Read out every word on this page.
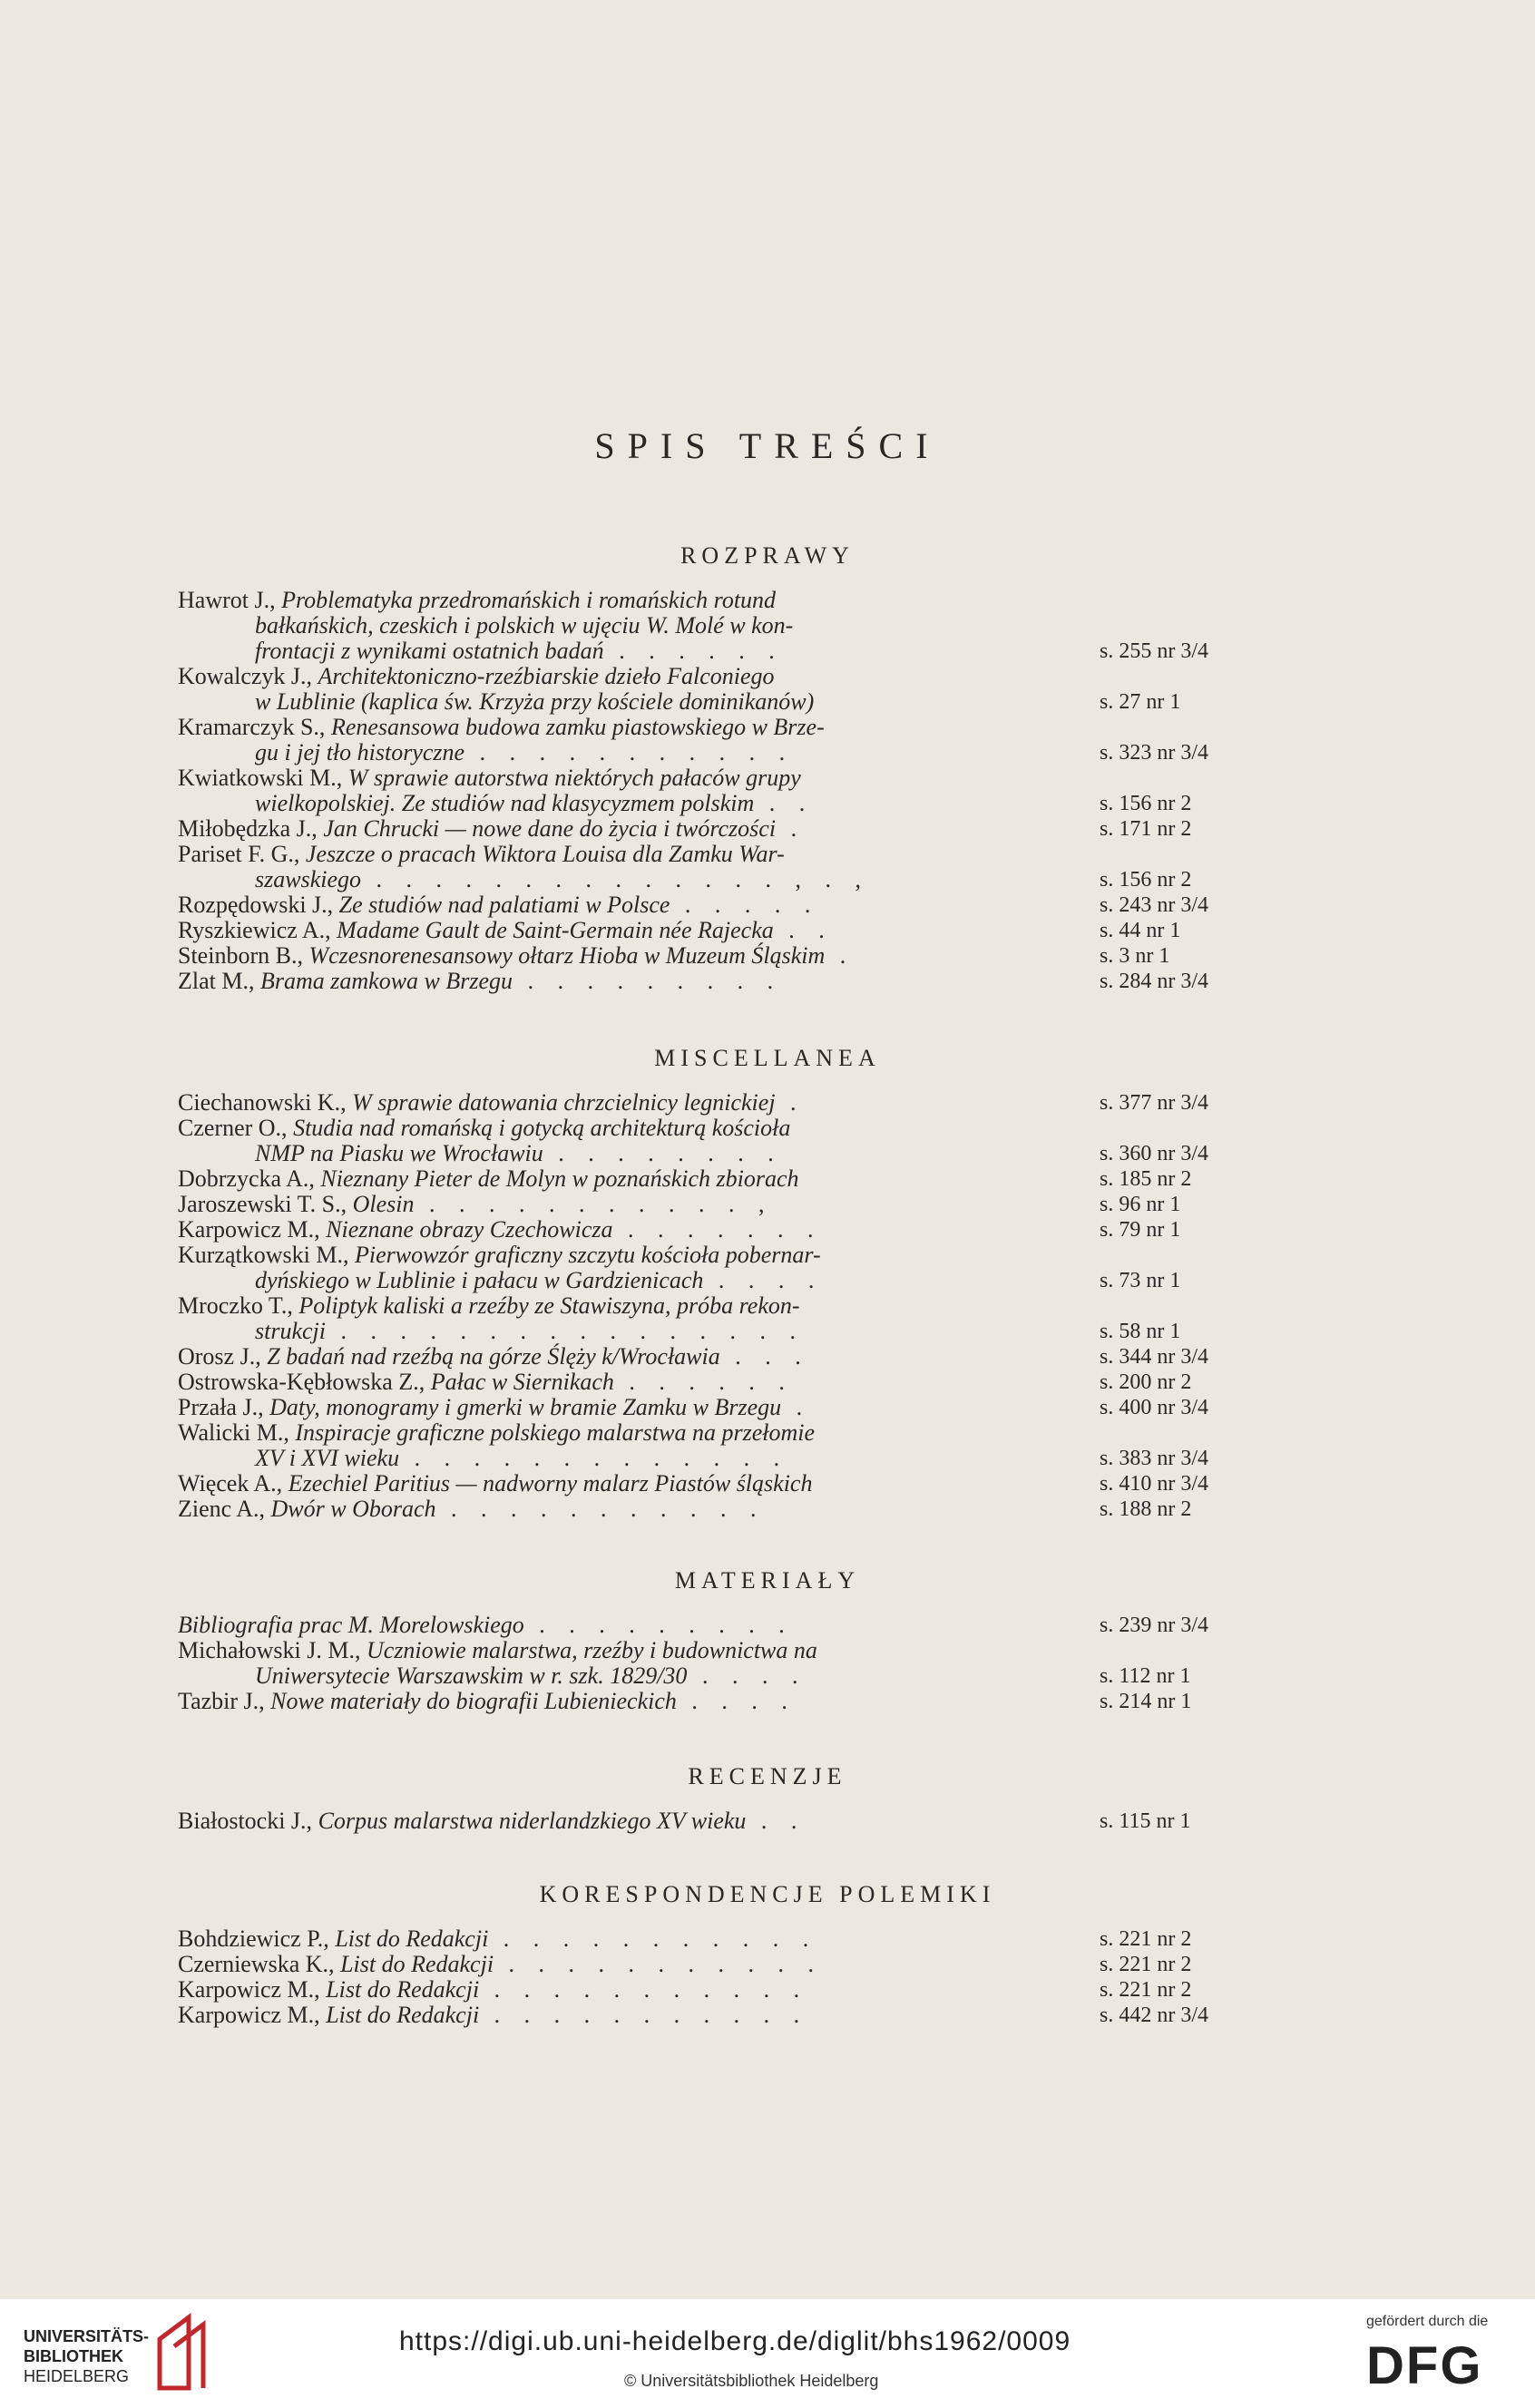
SPIS TREŚCI
ROZPRAWY
Hawrot J., Problematyka przedromańskich i romańskich rotund
bałkańskich, czeskich i polskich w ujęciu W. Molé w kon-
frontacji z wynikami ostatnich badań . . . . . .	s. 255 nr 3/4
Kowalczyk J., Architektoniczno-rzeźbiarskie dzieło Falconiego
w Lublinie (kaplica św. Krzyża przy kościele dominikanów)	s. 27 nr 1
Kramarczyk S., Renesansowa budowa zamku piastowskiego w Brze-
gu i jej tło historyczne . . . . . . . . . . .	s. 323 nr 3/4
Kwiatkowski M., W sprawie autorstwa niektórych pałaców grupy
wielkopolskiej. Ze studiów nad klasycyzmem polskim . .	s. 156 nr 2
Miłobędzka J., Jan Chrucki — nowe dane do życia i twórczości .	s. 171 nr 2
Pariset F. G., Jeszcze o pracach Wiktora Louisa dla Zamku War-
szawskiego . . . . . . . . . . . . . . , . ,	s. 156 nr 2
Rozpędowski J., Ze studiów nad palatiami w Polsce . . . . .	s. 243 nr 3/4
Ryszkiewicz A., Madame Gault de Saint-Germain née Rajecka . .	s. 44 nr 1
Steinborn B., Wczesnorenesansowy ołtarz Hioba w Muzeum Śląskim .	s. 3 nr 1
Zlat M., Brama zamkowa w Brzegu . . . . . . . . .	s. 284 nr 3/4
MISCELLANEA
Ciechanowski K., W sprawie datowania chrzcielnicy legnickiej .	s. 377 nr 3/4
Czerner O., Studia nad romańską i gotycką architekturą kościoła
NMP na Piasku we Wrocławiu . . . . . . . .	s. 360 nr 3/4
Dobrzycka A., Nieznany Pieter de Molyn w poznańskich zbiorach	s. 185 nr 2
Jaroszewski T. S., Olesin . . . . . . . . . . . ,	s. 96 nr 1
Karpowicz M., Nieznane obrazy Czechowicza . . . . . . .	s. 79 nr 1
Kurzątkowski M., Pierwowzór graficzny szczytu kościoła pobernar-
dyńskiego w Lublinie i pałacu w Gardzienicach . . . .	s. 73 nr 1
Mroczko T., Poliptyk kaliski a rzeźby ze Stawiszyna, próba rekon-
strukcji . . . . . . . . . . . . . . . .	s. 58 nr 1
Orosz J., Z badań nad rzeźbą na górze Ślęży k/Wrocławia . . .	s. 344 nr 3/4
Ostrowska-Kębłowska Z., Pałac w Siernikach . . . . . .	s. 200 nr 2
Przała J., Daty, monogramy i gmerki w bramie Zamku w Brzegu .	s. 400 nr 3/4
Walicki M., Inspiracje graficzne polskiego malarstwa na przełomie
XV i XVI wieku . . . . . . . . . . . . .	s. 383 nr 3/4
Więcek A., Ezechiel Paritius — nadworny malarz Piastów śląskich	s. 410 nr 3/4
Zienc A., Dwór w Oborach . . . . . . . . . . .	s. 188 nr 2
MATERIAŁY
Bibliografia prac M. Morelowskiego . . . . . . . . .	s. 239 nr 3/4
Michałowski J. M., Uczniowie malarstwa, rzeźby i budownictwa na
Uniwersytecie Warszawskim w r. szk. 1829/30 . . . .	s. 112 nr 1
Tazbir J., Nowe materiały do biografii Lubienieckich . . . .	s. 214 nr 1
RECENZJE
Białostocki J., Corpus malarstwa niderlandzkiego XV wieku . .	s. 115 nr 1
KORESPONDENCJE POLEMIKI
Bohdziewicz P., List do Redakcji . . . . . . . . . . .	s. 221 nr 2
Czerniewska K., List do Redakcji . . . . . . . . . . .	s. 221 nr 2
Karpowicz M., List do Redakcji . . . . . . . . . . .	s. 221 nr 2
Karpowicz M., List do Redakcji . . . . . . . . . . .	s. 442 nr 3/4
UNIVERSITÄTS-
BIBLIOTHEK
HEIDELBERG
https://digi.ub.uni-heidelberg.de/diglit/bhs1962/0009
© Universitätsbibliothek Heidelberg
gefördert durch die
DFG
